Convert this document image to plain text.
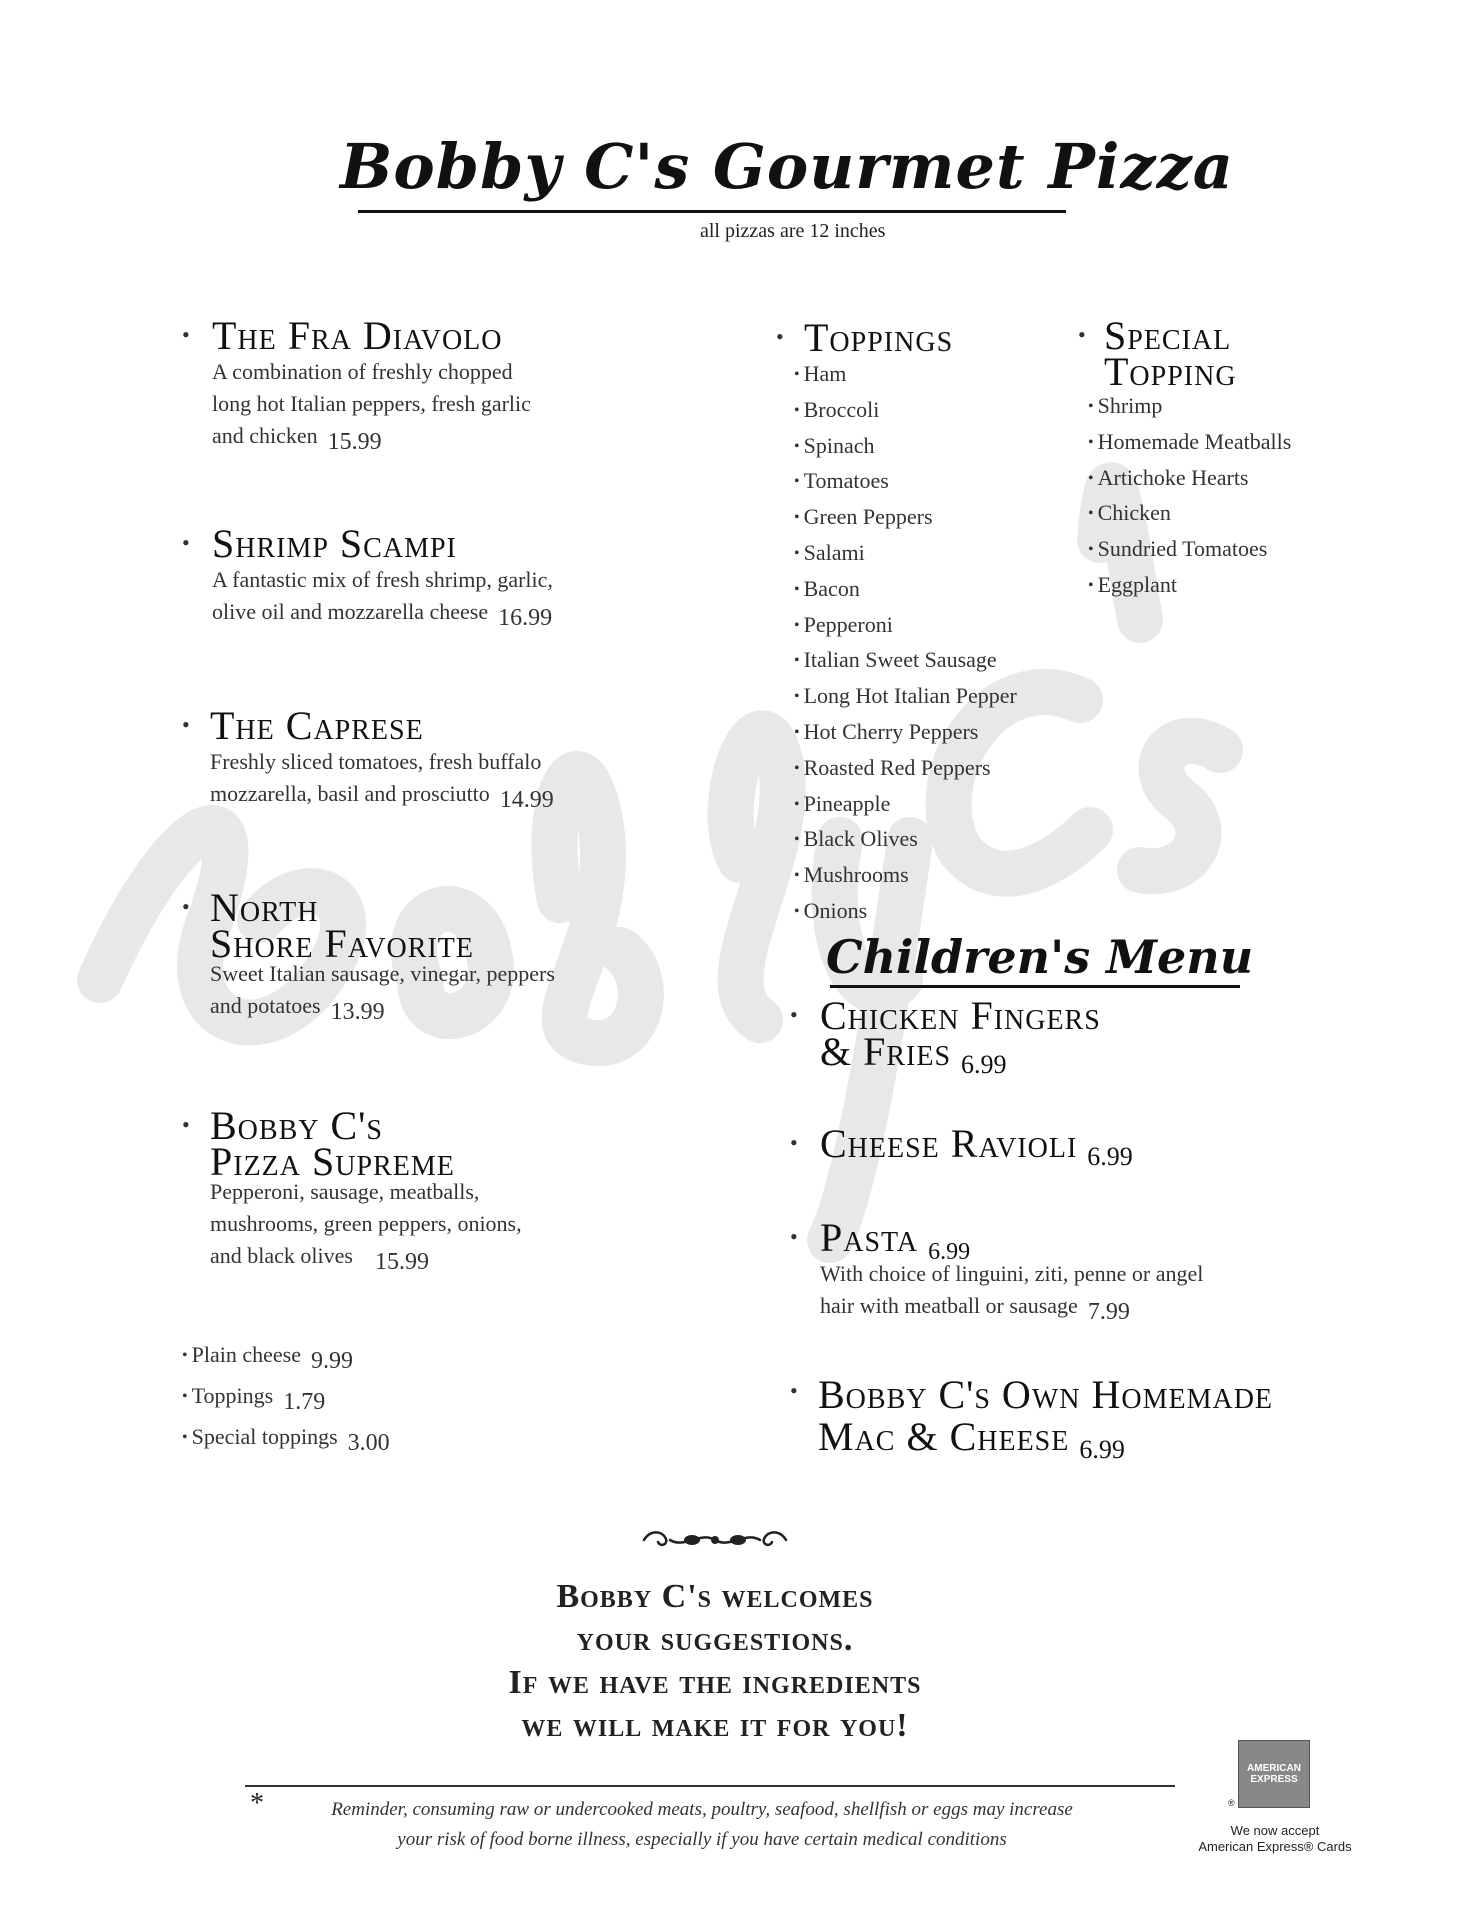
Bobby C's Gourmet Pizza
all pizzas are 12 inches
• The Fra Diavolo
A combination of freshly chopped
long hot Italian peppers, fresh garlic
and chicken 15.99
• Shrimp Scampi
A fantastic mix of fresh shrimp, garlic,
olive oil and mozzarella cheese 16.99
• The Caprese
Freshly sliced tomatoes, fresh buffalo
mozzarella, basil and prosciutto 14.99
• North
Shore Favorite
Sweet Italian sausage, vinegar, peppers
and potatoes 13.99
• Bobby C's
Pizza Supreme
Pepperoni, sausage, meatballs,
mushrooms, green peppers, onions,
and black olives 15.99
• Plain cheese 9.99
• Toppings 1.79
• Special toppings 3.00
• Toppings
• Ham
• Broccoli
• Spinach
• Tomatoes
• Green Peppers
• Salami
• Bacon
• Pepperoni
• Italian Sweet Sausage
• Long Hot Italian Pepper
• Hot Cherry Peppers
• Roasted Red Peppers
• Pineapple
• Black Olives
• Mushrooms
• Onions
• Special
Topping
• Shrimp
• Homemade Meatballs
• Artichoke Hearts
• Chicken
• Sundried Tomatoes
• Eggplant
Children's Menu
• Chicken Fingers
& Fries $_{6.99}$
• Cheese Ravioli $_{6.99}$
• Pasta $_{6.99}$
With choice of linguini, ziti, penne or angel
hair with meatball or sausage 7.99
• Bobby C's Own Homemade
Mac & Cheese $_{6.99}$
Bobby C's welcomes
your suggestions.
If we have the ingredients
we will make it for you!
*	Reminder, consuming raw or undercooked meats, poultry, seafood, shellfish or eggs may increase
your risk of food borne illness, especially if you have certain medical conditions
AMERICAN
EXPRESS
®
We now accept
American Express® Cards
